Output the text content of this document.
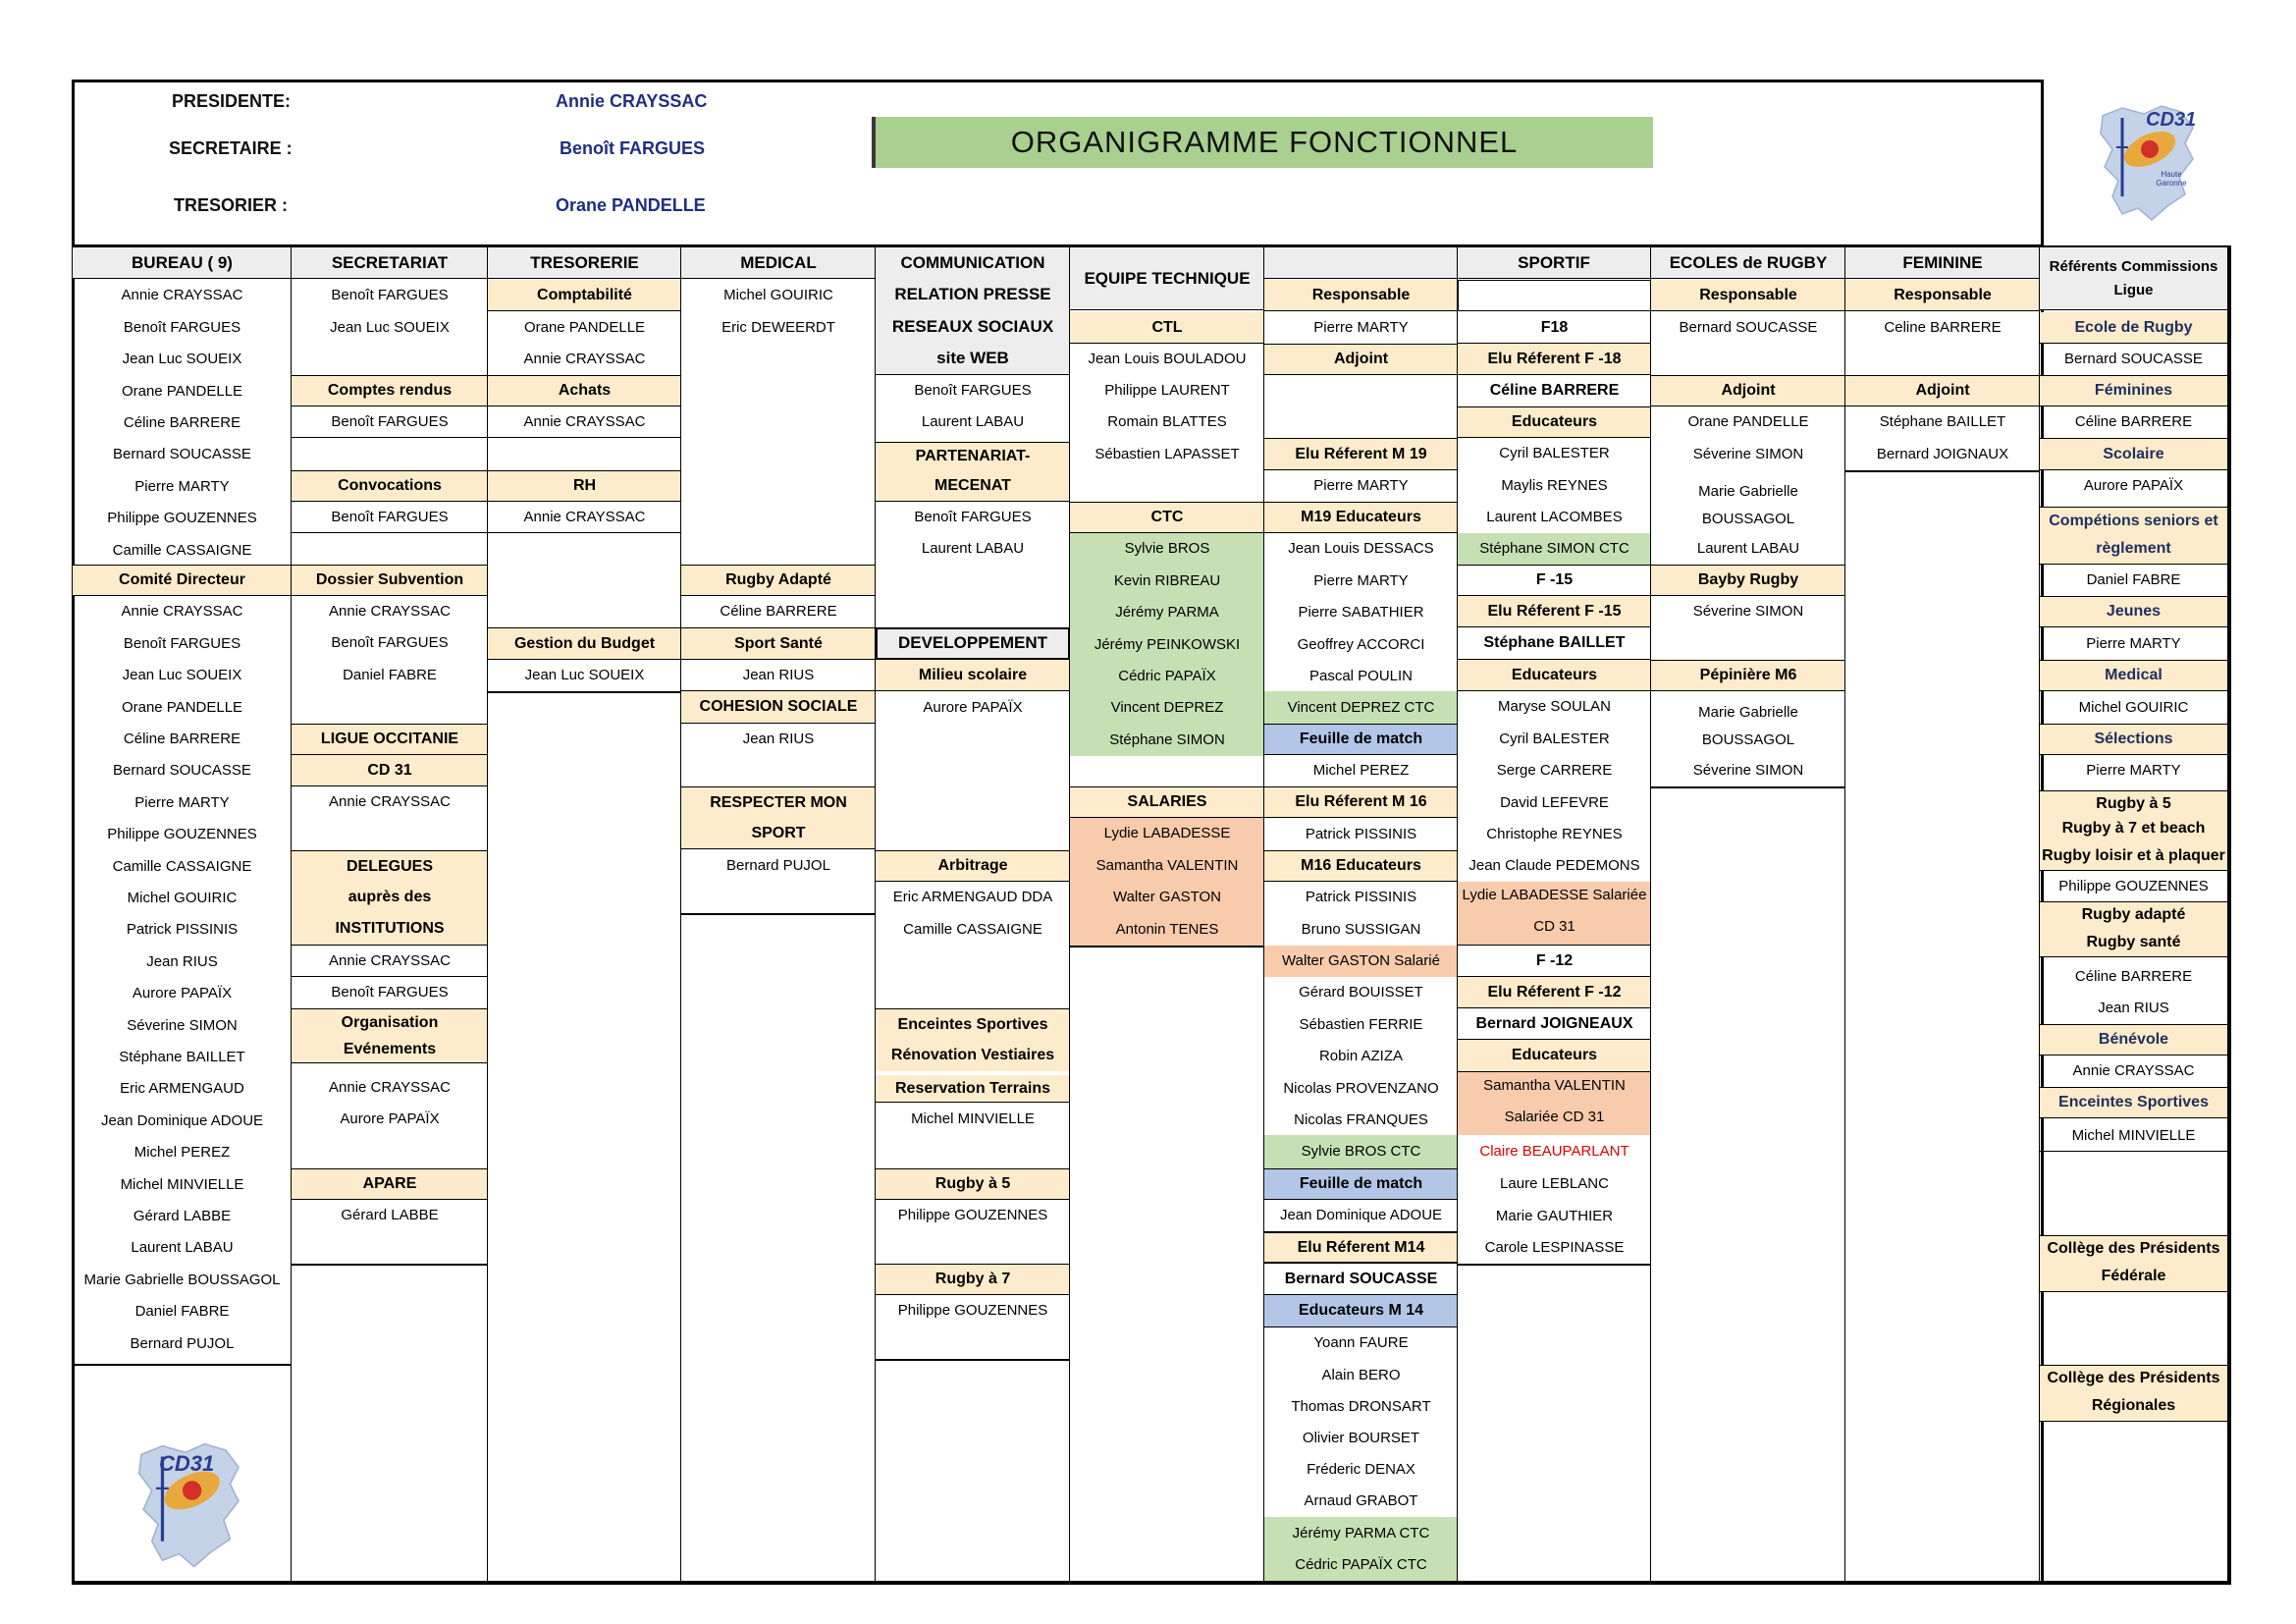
PRESIDENTE:	Annie CRAYSSAC
SECRETAIRE :	Benoît FARGUES
TRESORIER :	Orane PANDELLE
ORGANIGRAMME FONCTIONNEL
CD31
Haute Garonne
CD31
BUREAU ( 9)
Annie CRAYSSAC
Benoît FARGUES
Jean Luc SOUEIX
Orane PANDELLE
Céline BARRERE
Bernard SOUCASSE
Pierre MARTY
Philippe GOUZENNES
Camille CASSAIGNE
Comité Directeur
Annie CRAYSSAC
Benoît FARGUES
Jean Luc SOUEIX
Orane PANDELLE
Céline BARRERE
Bernard SOUCASSE
Pierre MARTY
Philippe GOUZENNES
Camille CASSAIGNE
Michel GOUIRIC
Patrick PISSINIS
Jean RIUS
Aurore PAPAÏX
Séverine SIMON
Stéphane BAILLET
Eric ARMENGAUD
Jean Dominique ADOUE
Michel PEREZ
Michel MINVIELLE
Gérard LABBE
Laurent LABAU
Marie Gabrielle BOUSSAGOL
Daniel FABRE
Bernard PUJOL
SECRETARIAT
Benoît FARGUES
Jean Luc SOUEIX
Comptes rendus
Benoît FARGUES
Convocations
Benoît FARGUES
Dossier Subvention
Annie CRAYSSAC
Benoît FARGUES
Daniel FABRE
LIGUE OCCITANIE
CD 31
Annie CRAYSSAC
DELEGUES
auprès des
INSTITUTIONS
Annie CRAYSSAC
Benoît FARGUES
Organisation
Evénements
Annie CRAYSSAC
Aurore PAPAÏX
APARE
Gérard LABBE
TRESORERIE
Comptabilité
Orane PANDELLE
Annie CRAYSSAC
Achats
Annie CRAYSSAC
RH
Annie CRAYSSAC
Gestion du Budget
Jean Luc SOUEIX
MEDICAL
Michel GOUIRIC
Eric DEWEERDT
Rugby Adapté
Céline BARRERE
Sport Santé
Jean RIUS
COHESION SOCIALE
Jean RIUS
RESPECTER MON
SPORT
Bernard PUJOL
COMMUNICATION
RELATION PRESSE
RESEAUX SOCIAUX
site WEB
Benoît FARGUES
Laurent LABAU
PARTENARIAT-
MECENAT
Benoît FARGUES
Laurent LABAU
DEVELOPPEMENT
Milieu scolaire
Aurore PAPAÏX
Arbitrage
Eric ARMENGAUD DDA
Camille CASSAIGNE
Enceintes Sportives
Rénovation Vestiaires
Reservation Terrains
Michel MINVIELLE
Rugby à 5
Philippe GOUZENNES
Rugby à 7
Philippe GOUZENNES
EQUIPE TECHNIQUE
CTL
Jean Louis BOULADOU
Philippe LAURENT
Romain BLATTES
Sébastien LAPASSET
CTC
Sylvie BROS
Kevin RIBREAU
Jérémy PARMA
Jérémy PEINKOWSKI
Cédric PAPAÏX
Vincent DEPREZ
Stéphane SIMON
SALARIES
Lydie LABADESSE
Samantha VALENTIN
Walter GASTON
Antonin TENES
SPORTIF
Responsable
Pierre MARTY
Adjoint
Elu Réferent M 19
Pierre MARTY
M19 Educateurs
Jean Louis DESSACS
Pierre MARTY
Pierre SABATHIER
Geoffrey ACCORCI
Pascal POULIN
Vincent DEPREZ CTC
Feuille de match
Michel PEREZ
Elu Réferent M 16
Patrick PISSINIS
M16 Educateurs
Patrick PISSINIS
Bruno SUSSIGAN
Walter GASTON Salarié
Gérard BOUISSET
Sébastien FERRIE
Robin AZIZA
Nicolas PROVENZANO
Nicolas FRANQUES
Sylvie BROS CTC
Feuille de match
Jean Dominique ADOUE
Elu Réferent M14
Bernard SOUCASSE
Educateurs M 14
Yoann FAURE
Alain BERO
Thomas DRONSART
Olivier BOURSET
Fréderic DENAX
Arnaud GRABOT
Jérémy PARMA CTC
Cédric PAPAÏX CTC
F18
Elu Réferent F -18
Céline BARRERE
Educateurs
Cyril BALESTER
Maylis REYNES
Laurent LACOMBES
Stéphane SIMON CTC
F -15
Elu Réferent F -15
Stéphane BAILLET
Educateurs
Maryse SOULAN
Cyril BALESTER
Serge CARRERE
David LEFEVRE
Christophe REYNES
Jean Claude PEDEMONS
Lydie LABADESSE Salariée
CD 31
F -12
Elu Réferent F -12
Bernard JOIGNEAUX
Educateurs
Samantha VALENTIN
Salariée CD 31
Claire BEAUPARLANT
Laure LEBLANC
Marie GAUTHIER
Carole LESPINASSE
ECOLES de RUGBY
Responsable
Bernard SOUCASSE
Adjoint
Orane PANDELLE
Séverine SIMON
Marie Gabrielle
BOUSSAGOL
Laurent LABAU
Bayby Rugby
Séverine SIMON
Pépinière M6
Marie Gabrielle
BOUSSAGOL
Séverine SIMON
FEMININE
Responsable
Celine BARRERE
Adjoint
Stéphane BAILLET
Bernard JOIGNAUX
Référents Commissions Ligue
Ecole de Rugby
Bernard SOUCASSE
Féminines
Céline BARRERE
Scolaire
Aurore PAPAÏX
Compétions seniors et
règlement
Daniel FABRE
Jeunes
Pierre MARTY
Medical
Michel GOUIRIC
Sélections
Pierre MARTY
Rugby à 5
Rugby à 7 et beach
Rugby loisir et à plaquer
Philippe GOUZENNES
Rugby adapté
Rugby santé
Céline BARRERE
Jean RIUS
Bénévole
Annie CRAYSSAC
Enceintes Sportives
Michel MINVIELLE
Collège des Présidents
Fédérale
Collège des Présidents
Régionales
